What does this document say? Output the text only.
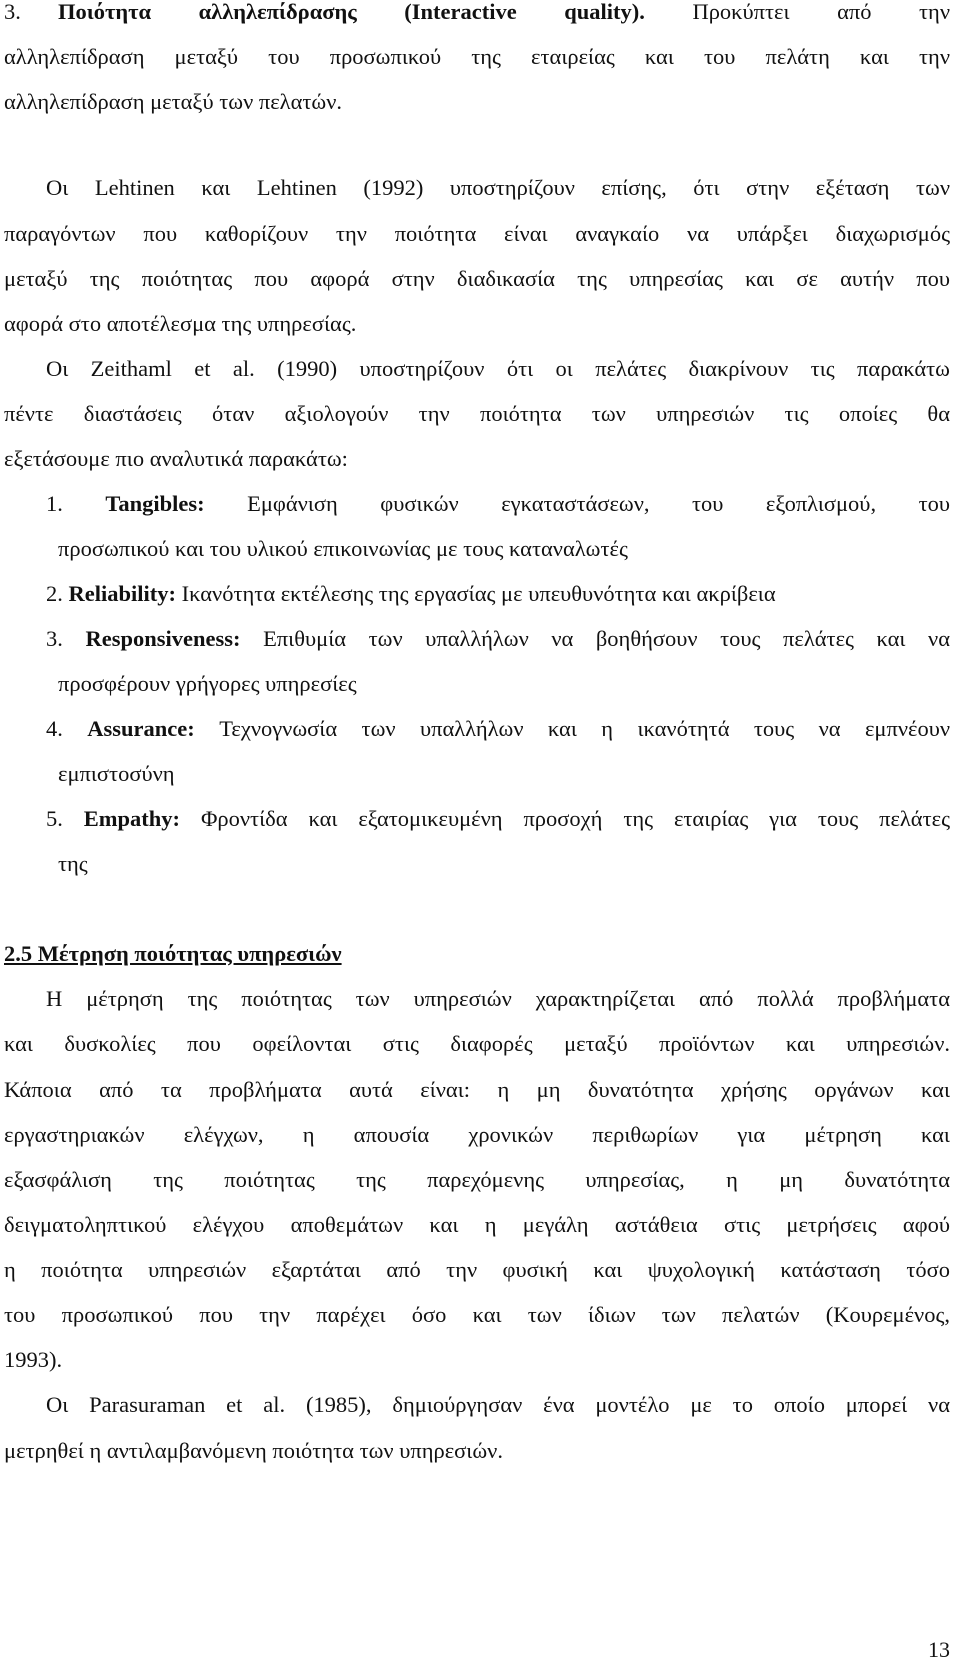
3. Ποιότητα αλληλεπίδρασης (Interactive quality). Προκύπτει από την
αλληλεπίδραση μεταξύ του προσωπικού της εταιρείας και του πελάτη και την
αλληλεπίδραση μεταξύ των πελατών.
Οι Lehtinen και Lehtinen (1992) υποστηρίζουν επίσης, ότι στην εξέταση των
παραγόντων που καθορίζουν την ποιότητα είναι αναγκαίο να υπάρξει διαχωρισμός
μεταξύ της ποιότητας που αφορά στην διαδικασία της υπηρεσίας και σε αυτήν που
αφορά στο αποτέλεσμα της υπηρεσίας.
Οι Zeithaml et al. (1990) υποστηρίζουν ότι οι πελάτες διακρίνουν τις παρακάτω
πέντε διαστάσεις όταν αξιολογούν την ποιότητα των υπηρεσιών τις οποίες θα
εξετάσουμε πιο αναλυτικά παρακάτω:
1. Tangibles: Εμφάνιση φυσικών εγκαταστάσεων, του εξοπλισμού, του
προσωπικού και του υλικού επικοινωνίας με τους καταναλωτές
2. Reliability: Ικανότητα εκτέλεσης της εργασίας με υπευθυνότητα και ακρίβεια
3. Responsiveness: Επιθυμία των υπαλλήλων να βοηθήσουν τους πελάτες και να
προσφέρουν γρήγορες υπηρεσίες
4. Assurance: Τεχνογνωσία των υπαλλήλων και η ικανότητά τους να εμπνέουν
εμπιστοσύνη
5. Empathy: Φροντίδα και εξατομικευμένη προσοχή της εταιρίας για τους πελάτες
της
2.5 Μέτρηση ποιότητας υπηρεσιών
Η μέτρηση της ποιότητας των υπηρεσιών χαρακτηρίζεται από πολλά προβλήματα
και δυσκολίες που οφείλονται στις διαφορές μεταξύ προϊόντων και υπηρεσιών.
Κάποια από τα προβλήματα αυτά είναι: η μη δυνατότητα χρήσης οργάνων και
εργαστηριακών ελέγχων, η απουσία χρονικών περιθωρίων για μέτρηση και
εξασφάλιση της ποιότητας της παρεχόμενης υπηρεσίας, η μη δυνατότητα
δειγματοληπτικού ελέγχου αποθεμάτων και η μεγάλη αστάθεια στις μετρήσεις αφού
η ποιότητα υπηρεσιών εξαρτάται από την φυσική και ψυχολογική κατάσταση τόσο
του προσωπικού που την παρέχει όσο και των ίδιων των πελατών (Κουρεμένος,
1993).
Οι Parasuraman et al. (1985), δημιούργησαν ένα μοντέλο με το οποίο μπορεί να
μετρηθεί η αντιλαμβανόμενη ποιότητα των υπηρεσιών.
13
